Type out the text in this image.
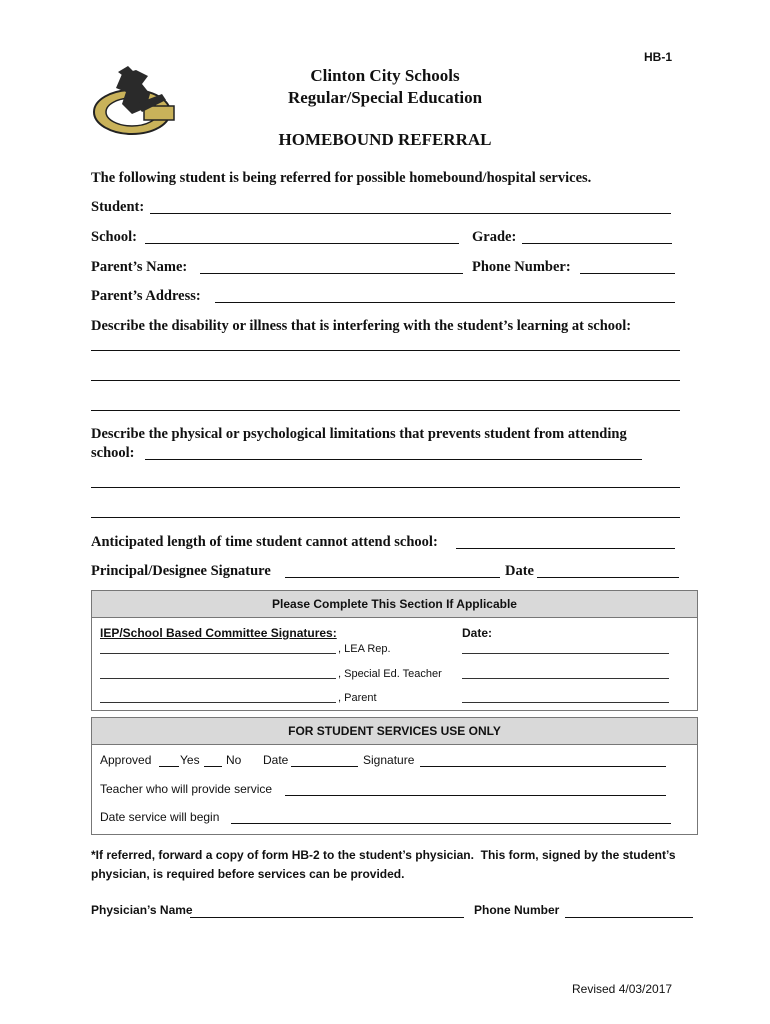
HB-1
Clinton City Schools
Regular/Special Education
HOMEBOUND REFERRAL
The following student is being referred for possible homebound/hospital services.
Student:
School:	Grade:
Parent’s Name:	Phone Number:
Parent’s Address:
Describe the disability or illness that is interfering with the student’s learning at school:
Describe the physical or psychological limitations that prevents student from attending
school:
Anticipated length of time student cannot attend school:
Principal/Designee Signature	Date
Please Complete This Section If Applicable
IEP/School Based Committee Signatures:	Date:
, LEA Rep.
, Special Ed. Teacher
, Parent
FOR STUDENT SERVICES USE ONLY
Approved Yes No Date	Signature
Teacher who will provide service
Date service will begin
*If referred, forward a copy of form HB-2 to the student’s physician.  This form, signed by the student’s
physician, is required before services can be provided.
Physician’s Name	Phone Number
Revised 4/03/2017
